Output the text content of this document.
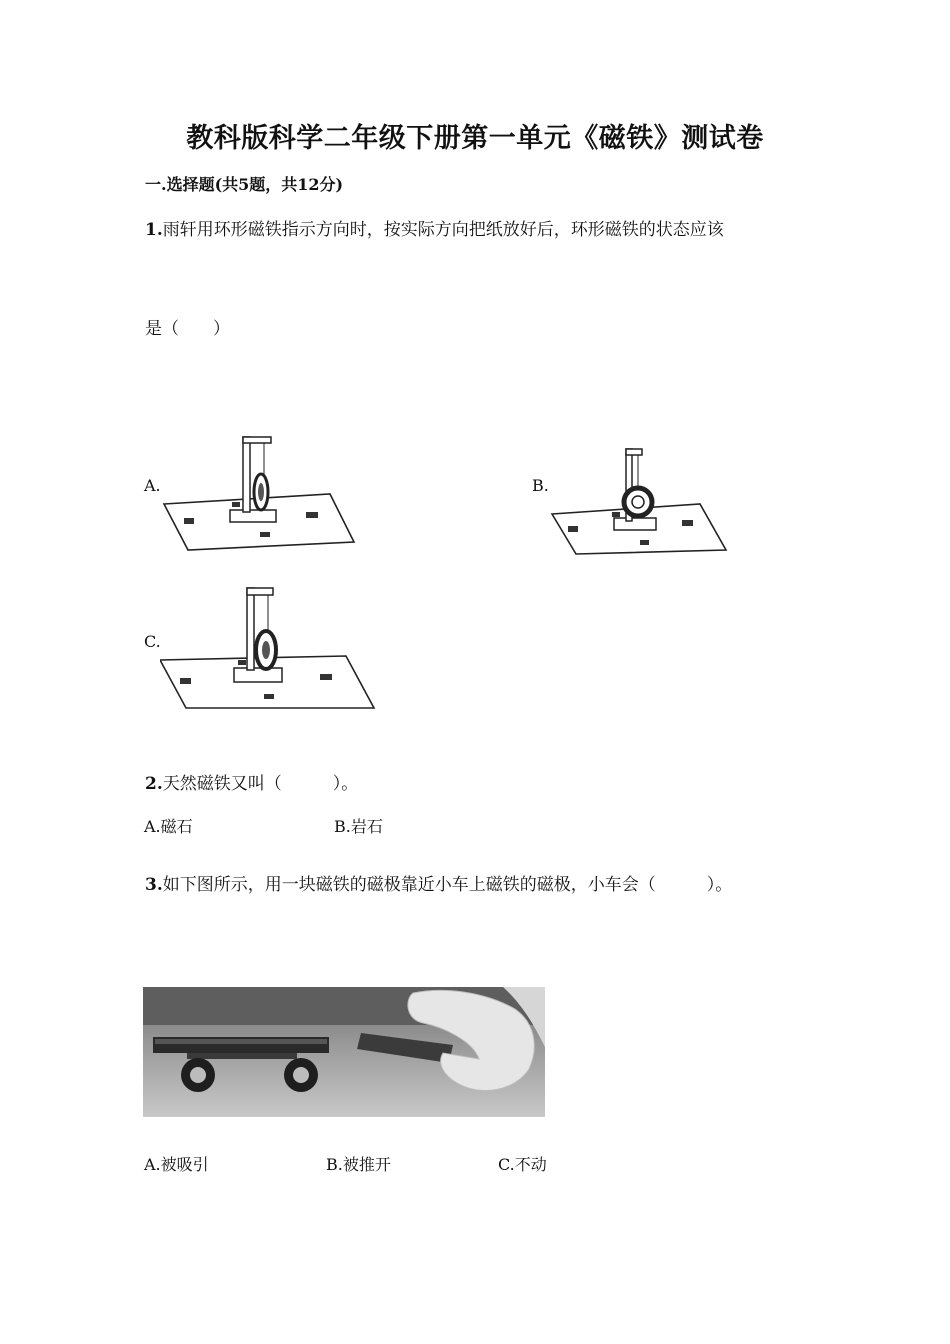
教科版科学二年级下册第一单元《磁铁》测试卷
一.选择题(共5题，共12分)
1.雨轩用环形磁铁指示方向时，按实际方向把纸放好后，环形磁铁的状态应该
是（　　）
A.	B.
C.
2.天然磁铁又叫（　　　）。
A.磁石	B.岩石
3.如下图所示，用一块磁铁的磁极靠近小车上磁铁的磁极，小车会（　　　）。
A.被吸引	B.被推开	C.不动
